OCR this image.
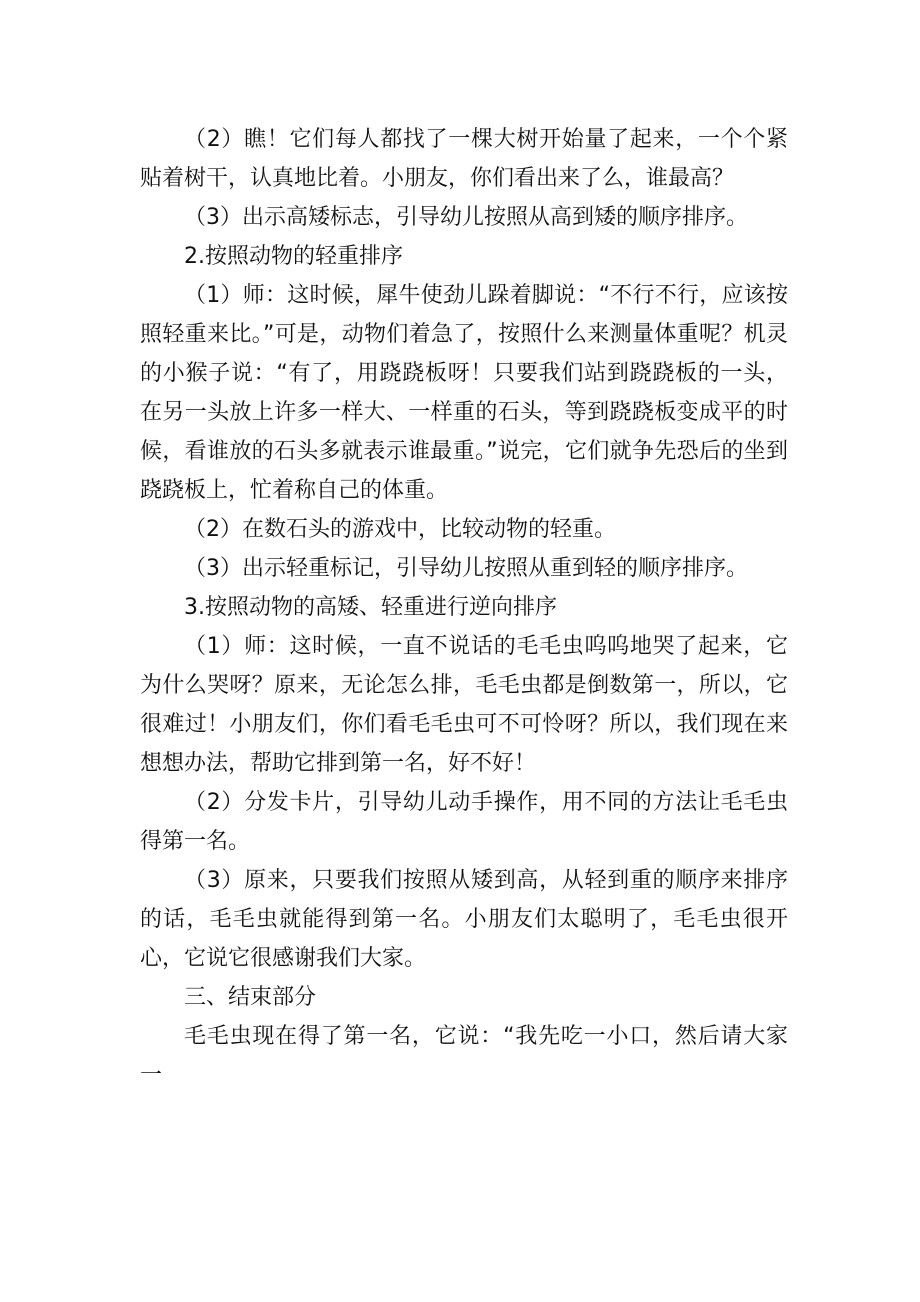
（2）瞧！它们每人都找了一棵大树开始量了起来，一个个紧贴着树干，认真地比着。小朋友，你们看出来了么，谁最高？

（3）出示高矮标志，引导幼儿按照从高到矮的顺序排序。

2.按照动物的轻重排序

（1）师：这时候，犀牛使劲儿跺着脚说：“不行不行，应该按照轻重来比。”可是，动物们着急了，按照什么来测量体重呢？机灵的小猴子说：“有了，用跷跷板呀！只要我们站到跷跷板的一头，在另一头放上许多一样大、一样重的石头，等到跷跷板变成平的时候，看谁放的石头多就表示谁最重。”说完，它们就争先恐后的坐到跷跷板上，忙着称自己的体重。

（2）在数石头的游戏中，比较动物的轻重。

（3）出示轻重标记，引导幼儿按照从重到轻的顺序排序。

3.按照动物的高矮、轻重进行逆向排序

（1）师：这时候，一直不说话的毛毛虫呜呜地哭了起来，它为什么哭呀？原来，无论怎么排，毛毛虫都是倒数第一，所以，它很难过！小朋友们，你们看毛毛虫可不可怜呀？所以，我们现在来想想办法，帮助它排到第一名，好不好！

（2）分发卡片，引导幼儿动手操作，用不同的方法让毛毛虫得第一名。

（3）原来，只要我们按照从矮到高，从轻到重的顺序来排序的话，毛毛虫就能得到第一名。小朋友们太聪明了，毛毛虫很开心，它说它很感谢我们大家。

三、结束部分

毛毛虫现在得了第一名，它说：“我先吃一小口，然后请大家一
